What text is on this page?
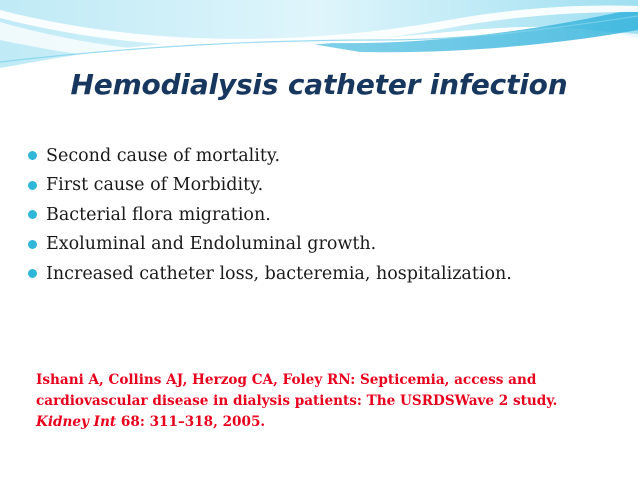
Hemodialysis catheter infection
Second cause of mortality.
First cause of Morbidity.
Bacterial flora migration.
Exoluminal and Endoluminal growth.
Increased catheter loss, bacteremia, hospitalization.

Ishani A, Collins AJ, Herzog CA, Foley RN: Septicemia, access and

cardiovascular disease in dialysis patients: The USRDSWave 2 study.

Kidney Int 68: 311–318, 2005.
